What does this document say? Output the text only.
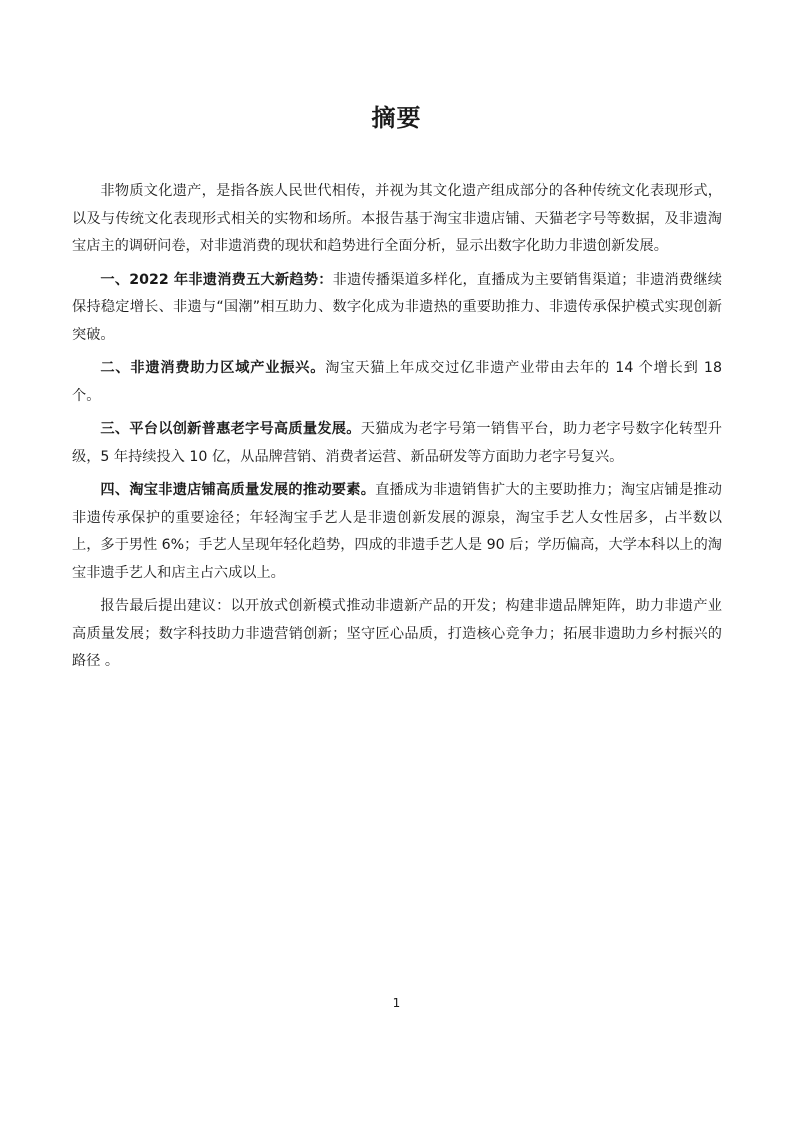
摘要

非物质文化遗产，是指各族人民世代相传，并视为其文化遗产组成部分的各种传统文化表现形式，以及与传统文化表现形式相关的实物和场所。本报告基于淘宝非遗店铺、天猫老字号等数据，及非遗淘宝店主的调研问卷，对非遗消费的现状和趋势进行全面分析，显示出数字化助力非遗创新发展。

一、2022 年非遗消费五大新趋势：非遗传播渠道多样化，直播成为主要销售渠道；非遗消费继续保持稳定增长、非遗与“国潮”相互助力、数字化成为非遗热的重要助推力、非遗传承保护模式实现创新突破。

二、非遗消费助力区域产业振兴。淘宝天猫上年成交过亿非遗产业带由去年的 14 个增长到 18 个。

三、平台以创新普惠老字号高质量发展。天猫成为老字号第一销售平台，助力老字号数字化转型升级，5 年持续投入 10 亿，从品牌营销、消费者运营、新品研发等方面助力老字号复兴。

四、淘宝非遗店铺高质量发展的推动要素。直播成为非遗销售扩大的主要助推力；淘宝店铺是推动非遗传承保护的重要途径；年轻淘宝手艺人是非遗创新发展的源泉，淘宝手艺人女性居多，占半数以上，多于男性 6%；手艺人呈现年轻化趋势，四成的非遗手艺人是 90 后；学历偏高，大学本科以上的淘宝非遗手艺人和店主占六成以上。

报告最后提出建议：以开放式创新模式推动非遗新产品的开发；构建非遗品牌矩阵，助力非遗产业高质量发展；数字科技助力非遗营销创新；坚守匠心品质，打造核心竞争力；拓展非遗助力乡村振兴的路径 。

1
